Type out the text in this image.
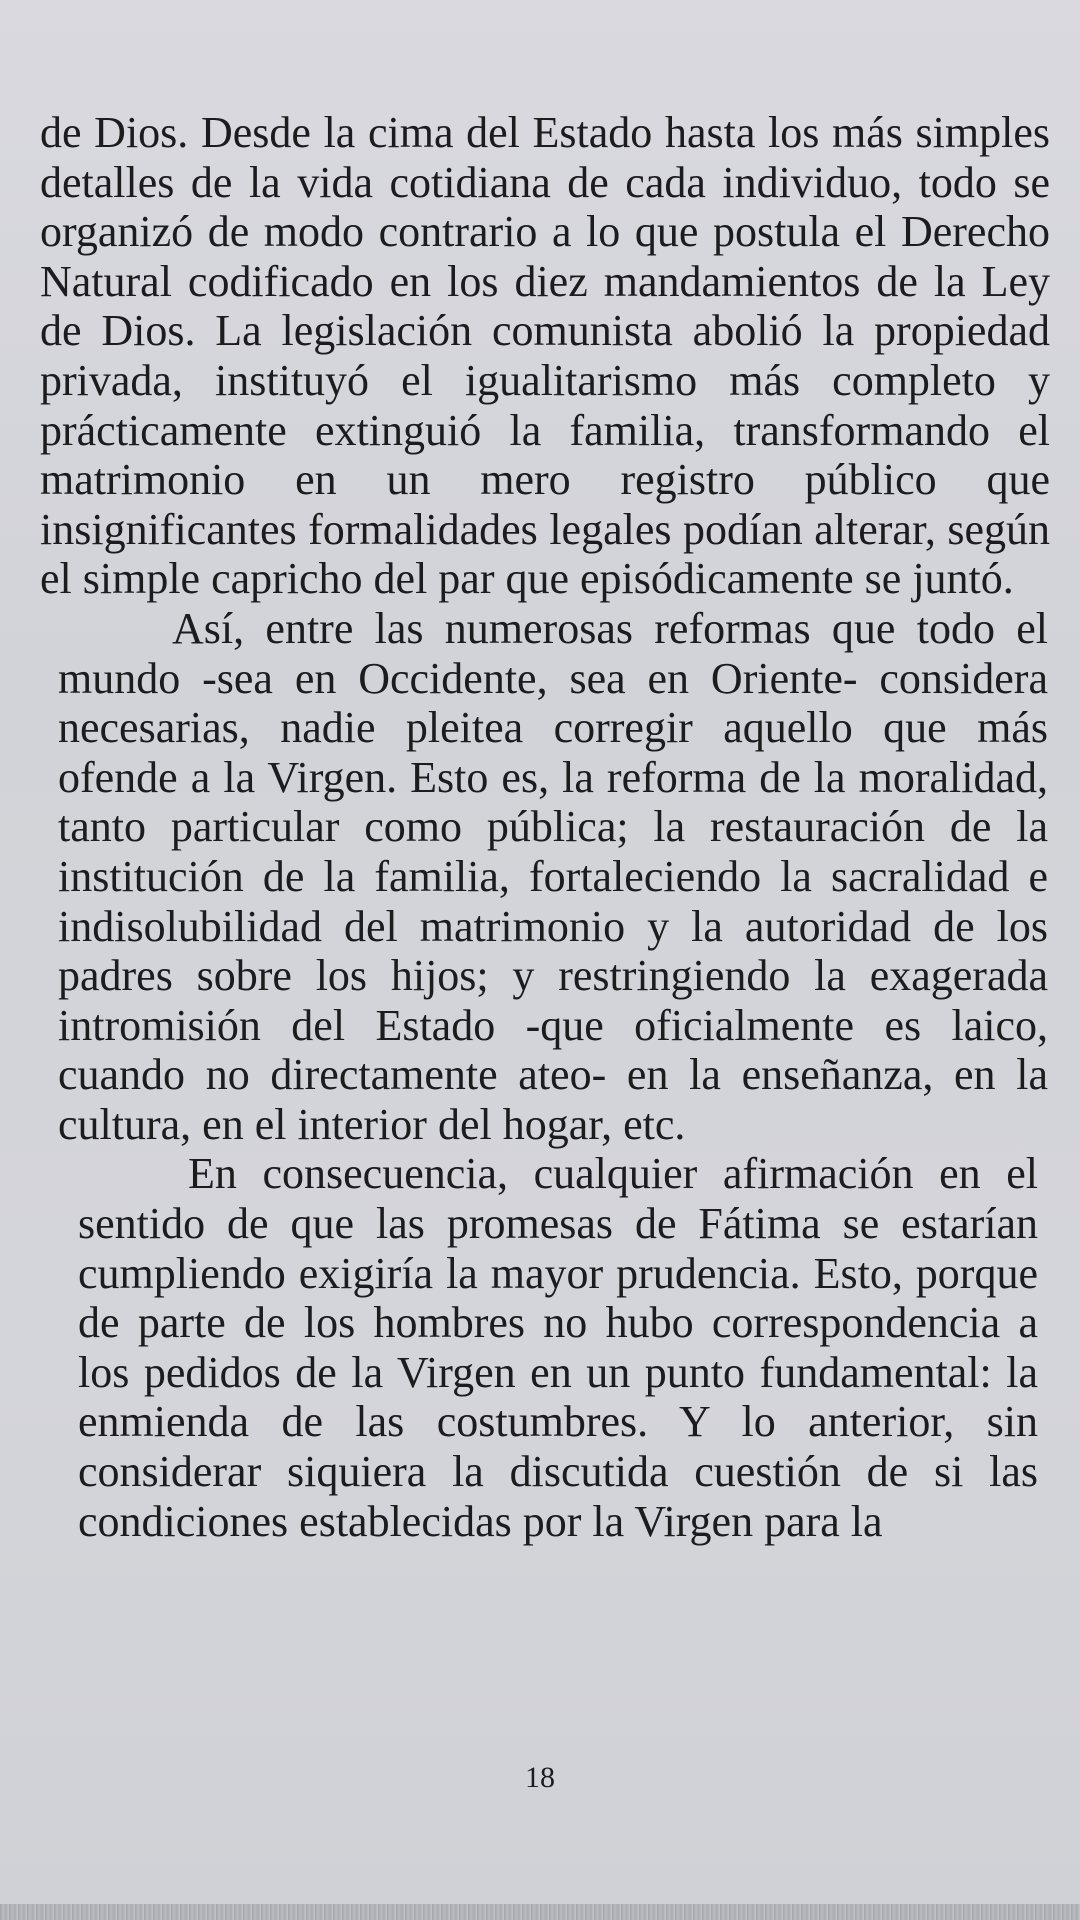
de Dios. Desde la cima del Estado hasta los más simples detalles de la vida cotidiana de cada individuo, todo se organizó de modo contrario a lo que postula el Derecho Natural codificado en los diez mandamientos de la Ley de Dios. La legislación comunista abolió la propiedad privada, instituyó el igualitarismo más completo y prácticamente extinguió la familia, transformando el matrimonio en un mero registro público que insignificantes formalidades legales podían alterar, según el simple capricho del par que episódicamente se juntó.

Así, entre las numerosas reformas que todo el mundo -sea en Occidente, sea en Oriente- considera necesarias, nadie pleitea corregir aquello que más ofende a la Virgen. Esto es, la reforma de la moralidad, tanto particular como pública; la restauración de la institución de la familia, fortaleciendo la sacralidad e indisolubilidad del matrimonio y la autoridad de los padres sobre los hijos; y restringiendo la exagerada intromisión del Estado -que oficialmente es laico, cuando no directamente ateo- en la enseñanza, en la cultura, en el interior del hogar, etc.

En consecuencia, cualquier afirmación en el sentido de que las promesas de Fátima se estarían cumpliendo exigiría la mayor prudencia. Esto, porque de parte de los hombres no hubo correspondencia a los pedidos de la Virgen en un punto fundamental: la enmienda de las costumbres. Y lo anterior, sin considerar siquiera la discutida cuestión de si las condiciones establecidas por la Virgen para la

18
